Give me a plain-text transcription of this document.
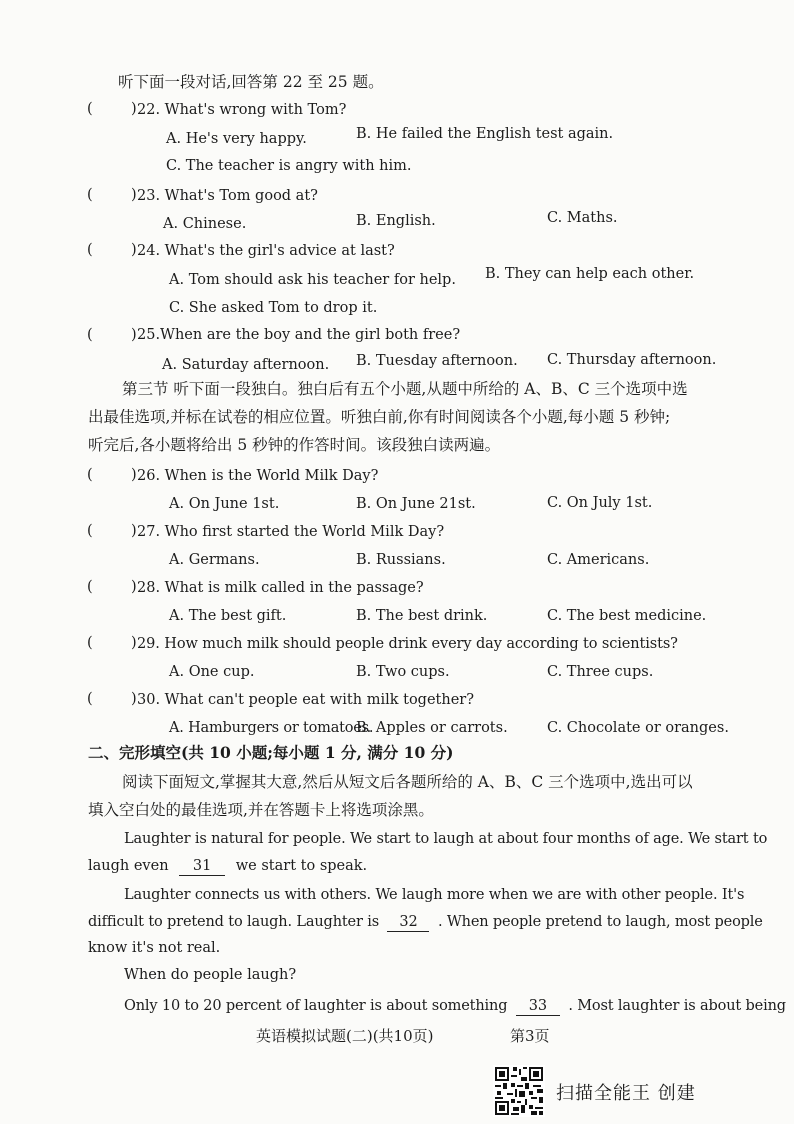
听下面一段对话,回答第 22 至 25 题。
(	) 22. What's wrong with Tom?
A. He's very happy.	B. He failed the English test again.
C. The teacher is angry with him.
(	) 23. What's Tom good at?
A. Chinese.	B. English.	C. Maths.
(	) 24. What's the girl's advice at last?
A. Tom should ask his teacher for help. B. They can help each other.
C. She asked Tom to drop it.
(	) 25.When are the boy and the girl both free?
A. Saturday afternoon. B. Tuesday afternoon. C. Thursday afternoon.
第三节 听下面一段独白。独白后有五个小题,从题中所给的 A、B、C 三个选项中选
出最佳选项,并标在试卷的相应位置。听独白前,你有时间阅读各个小题,每小题 5 秒钟;
听完后,各小题将给出 5 秒钟的作答时间。该段独白读两遍。
(	) 26. When is the World Milk Day?
A. On June 1st.	B. On June 21st.	C. On July 1st.
(	) 27. Who first started the World Milk Day?
A. Germans.	B. Russians.	C. Americans.
(	) 28. What is milk called in the passage?
A. The best gift.	B. The best drink.	C. The best medicine.
(	) 29. How much milk should people drink every day according to scientists?
A. One cup.	B. Two cups.	C. Three cups.
(	) 30. What can't people eat with milk together?
A. Hamburgers or tomatoes.
B. Apples or carrots.	C. Chocolate or oranges.
二、完形填空(共 10 小题;每小题 1 分, 满分 10 分)
阅读下面短文,掌握其大意,然后从短文后各题所给的 A、B、C 三个选项中,选出可以
填入空白处的最佳选项,并在答题卡上将选项涂黑。
Laughter is natural for people. We start to laugh at about four months of age. We start to
laugh even 31 we start to speak.
Laughter connects us with others. We laugh more when we are with other people. It's
difficult to pretend to laugh. Laughter is 32 . When people pretend to laugh, most people
know it's not real.
When do people laugh?
Only 10 to 20 percent of laughter is about something 33 . Most laughter is about being
英语模拟试题(二)(共10页)	第3页
扫描全能王 创建
